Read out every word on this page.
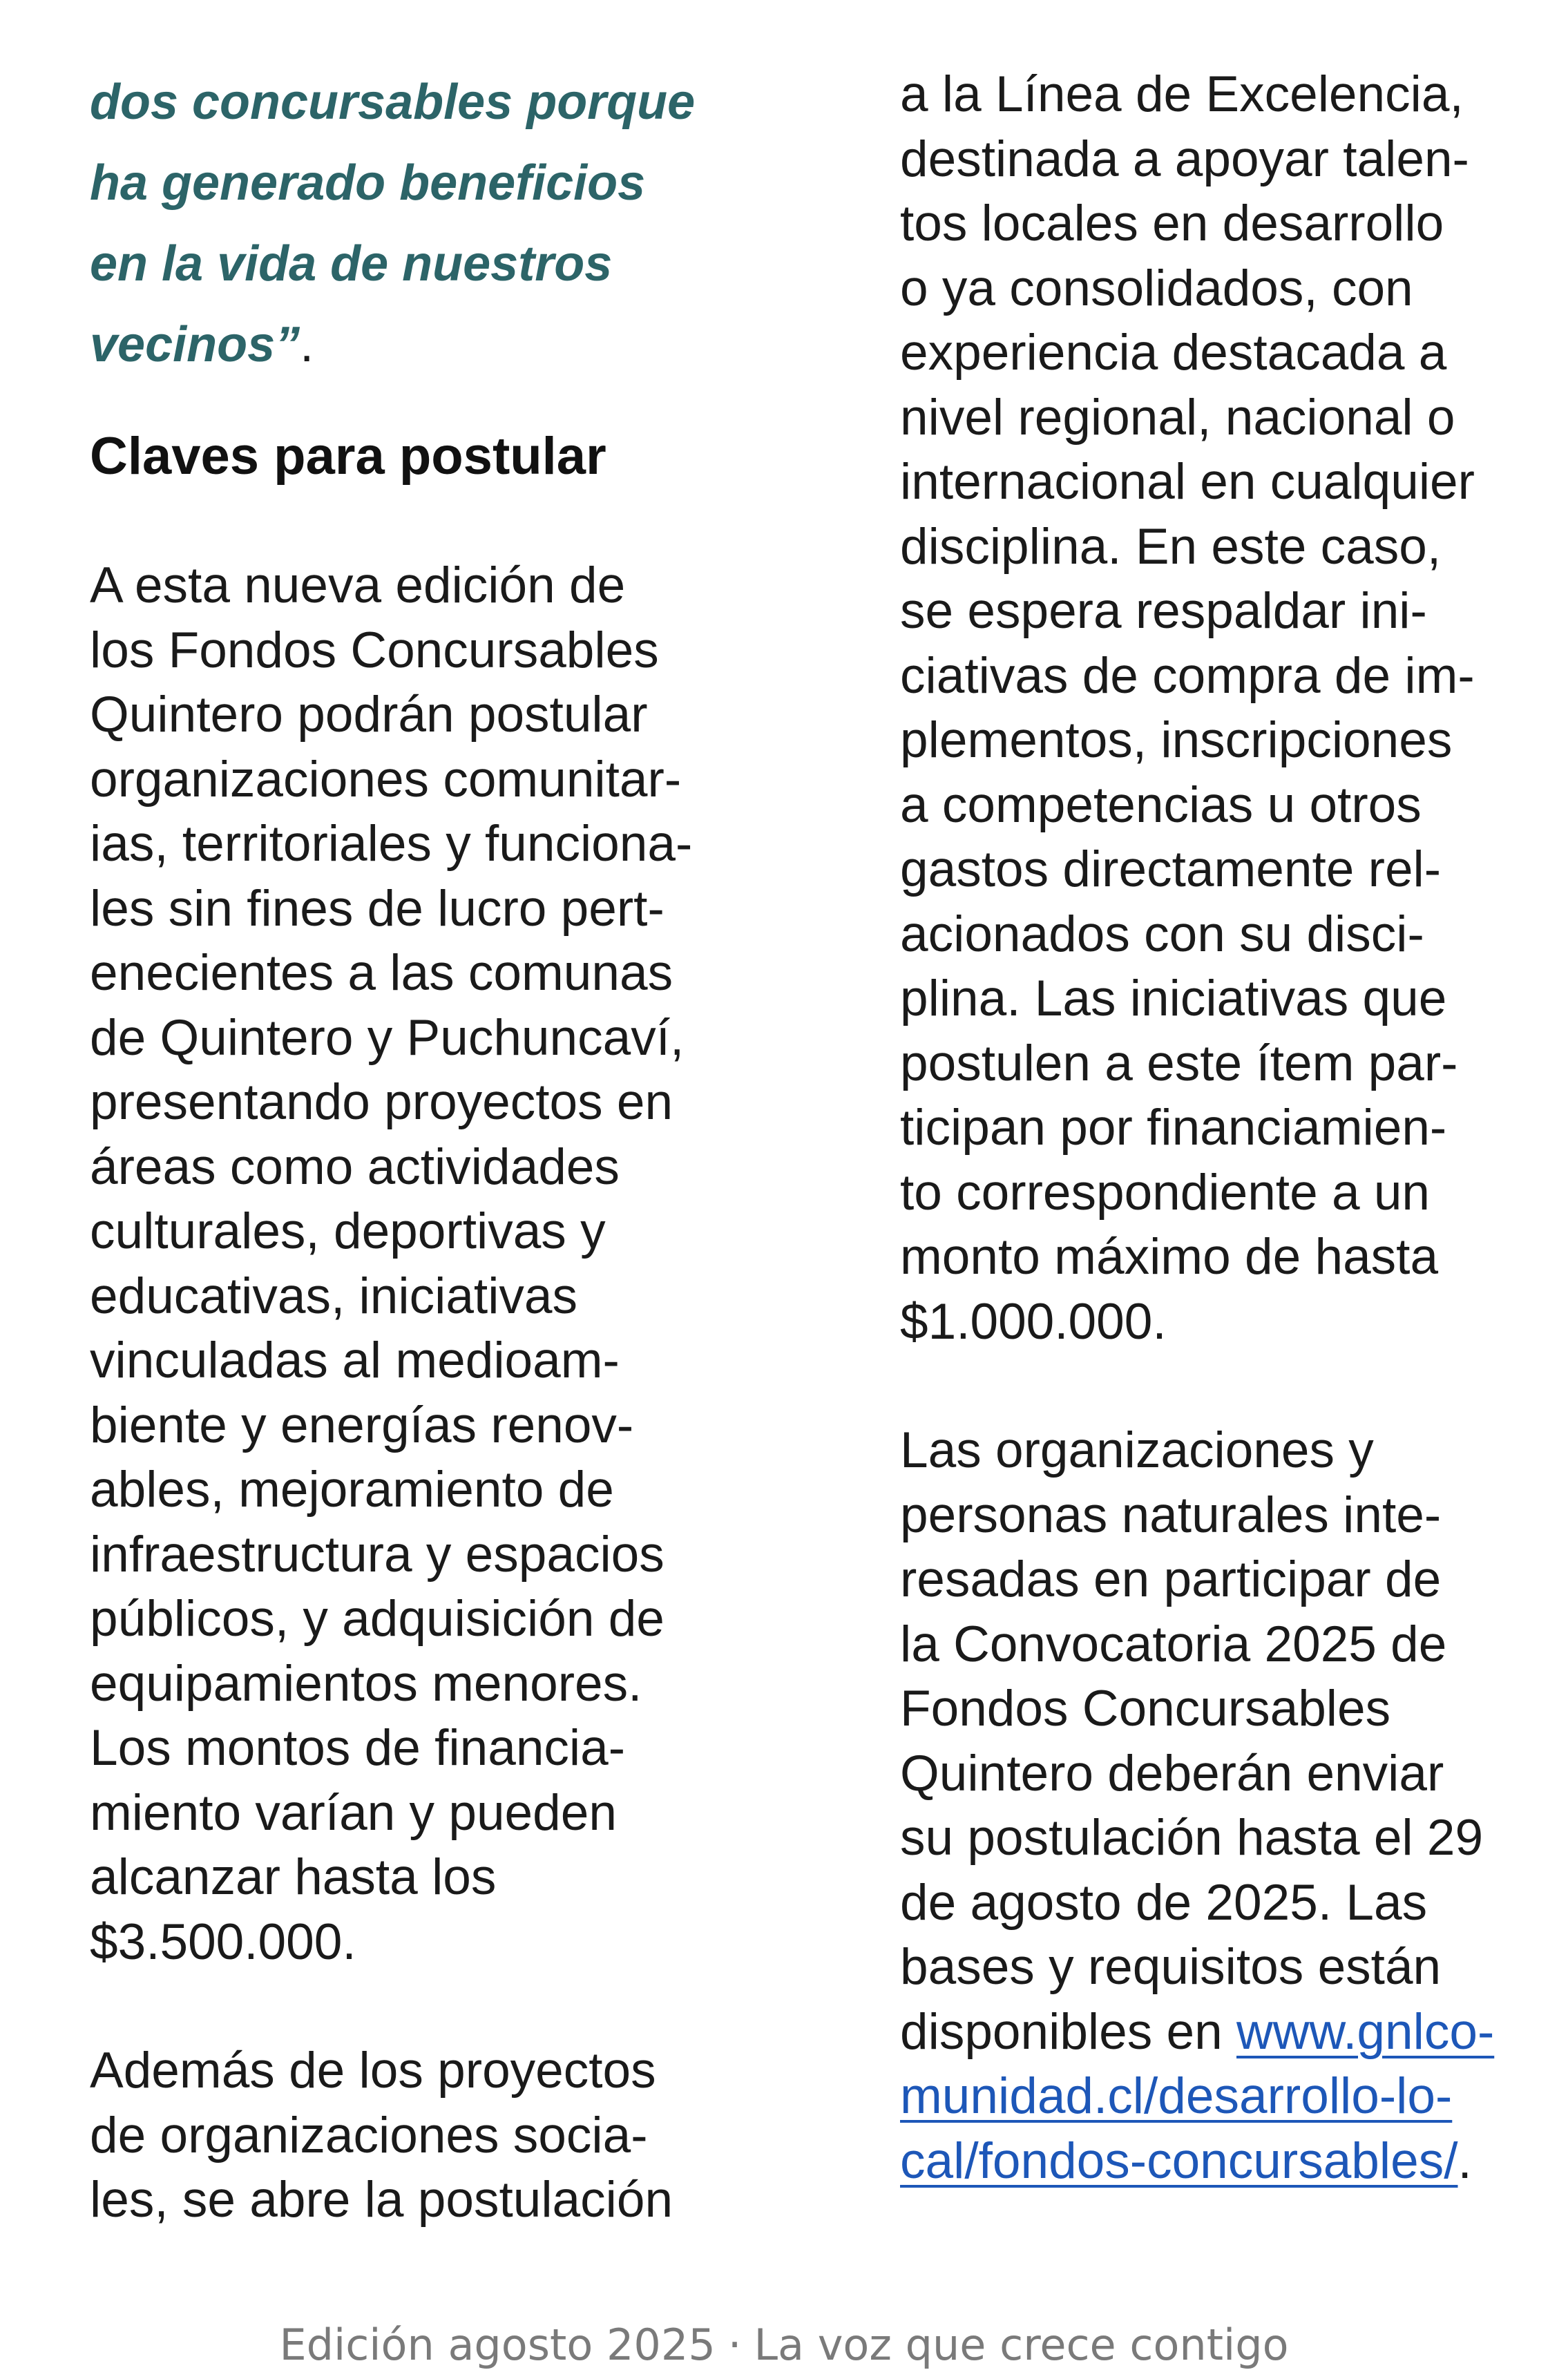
dos concursables porque
ha generado beneficios
en la vida de nuestros
vecinos”.
Claves para postular
A esta nueva edición de
los Fondos Concursables
Quintero podrán postular
organizaciones comunitar-
ias, territoriales y funciona-
les sin fines de lucro pert-
enecientes a las comunas
de Quintero y Puchuncaví,
presentando proyectos en
áreas como actividades
culturales, deportivas y
educativas, iniciativas
vinculadas al medioam-
biente y energías renov-
ables, mejoramiento de
infraestructura y espacios
públicos, y adquisición de
equipamientos menores.
Los montos de financia-
miento varían y pueden
alcanzar hasta los
$3.500.000.
Además de los proyectos
de organizaciones socia-
les, se abre la postulación
a la Línea de Excelencia,
destinada a apoyar talen-
tos locales en desarrollo
o ya consolidados, con
experiencia destacada a
nivel regional, nacional o
internacional en cualquier
disciplina. En este caso,
se espera respaldar ini-
ciativas de compra de im-
plementos, inscripciones
a competencias u otros
gastos directamente rel-
acionados con su disci-
plina. Las iniciativas que
postulen a este ítem par-
ticipan por financiamien-
to correspondiente a un
monto máximo de hasta
$1.000.000.
Las organizaciones y
personas naturales inte-
resadas en participar de
la Convocatoria 2025 de
Fondos Concursables
Quintero deberán enviar
su postulación hasta el 29
de agosto de 2025. Las
bases y requisitos están
disponibles en www.gnlco-
munidad.cl/desarrollo-lo-
cal/fondos-concursables/.
Edición agosto 2025 · La voz que crece contigo
